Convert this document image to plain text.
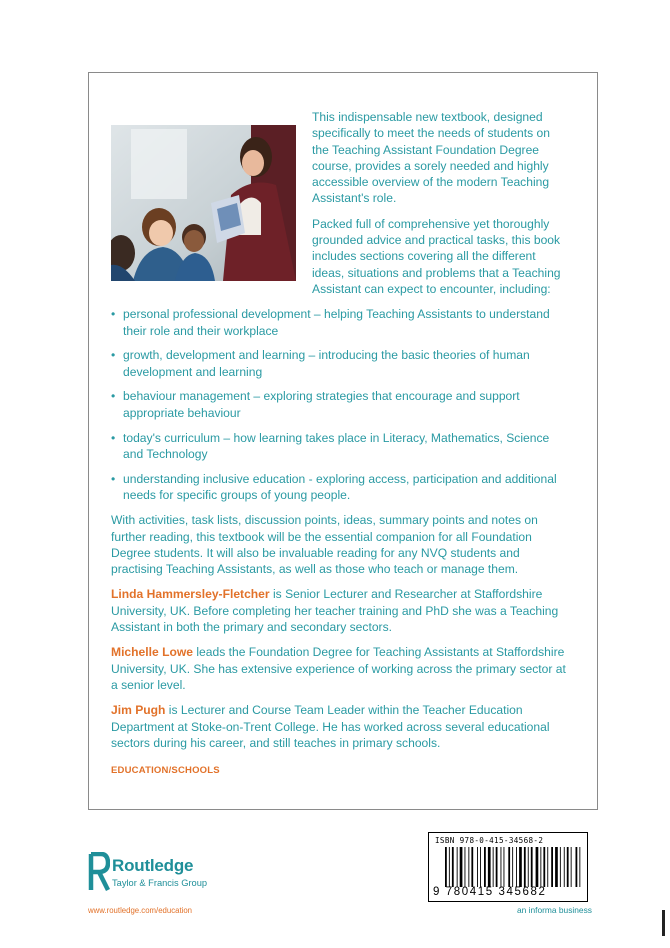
This indispensable new textbook, designed specifically to meet the needs of students on the Teaching Assistant Foundation Degree course, provides a sorely needed and highly accessible overview of the modern Teaching Assistant's role.

Packed full of comprehensive yet thoroughly grounded advice and practical tasks, this book includes sections covering all the different ideas, situations and problems that a Teaching Assistant can expect to encounter, including:

• personal professional development – helping Teaching Assistants to understand their role and their workplace
• growth, development and learning – introducing the basic theories of human development and learning
• behaviour management – exploring strategies that encourage and support appropriate behaviour
• today's curriculum – how learning takes place in Literacy, Mathematics, Science and Technology
• understanding inclusive education - exploring access, participation and additional needs for specific groups of young people.

With activities, task lists, discussion points, ideas, summary points and notes on further reading, this textbook will be the essential companion for all Foundation Degree students. It will also be invaluable reading for any NVQ students and practising Teaching Assistants, as well as those who teach or manage them.

Linda Hammersley-Fletcher is Senior Lecturer and Researcher at Staffordshire University, UK. Before completing her teacher training and PhD she was a Teaching Assistant in both the primary and secondary sectors.

Michelle Lowe leads the Foundation Degree for Teaching Assistants at Staffordshire University, UK. She has extensive experience of working across the primary sector at a senior level.

Jim Pugh is Lecturer and Course Team Leader within the Teacher Education Department at Stoke-on-Trent College. He has worked across several educational sectors during his career, and still teaches in primary schools.

EDUCATION/SCHOOLS
Routledge
Taylor & Francis Group
www.routledge.com/education
ISBN 978-0-415-34568-2
9 780415 345682
an informa business
